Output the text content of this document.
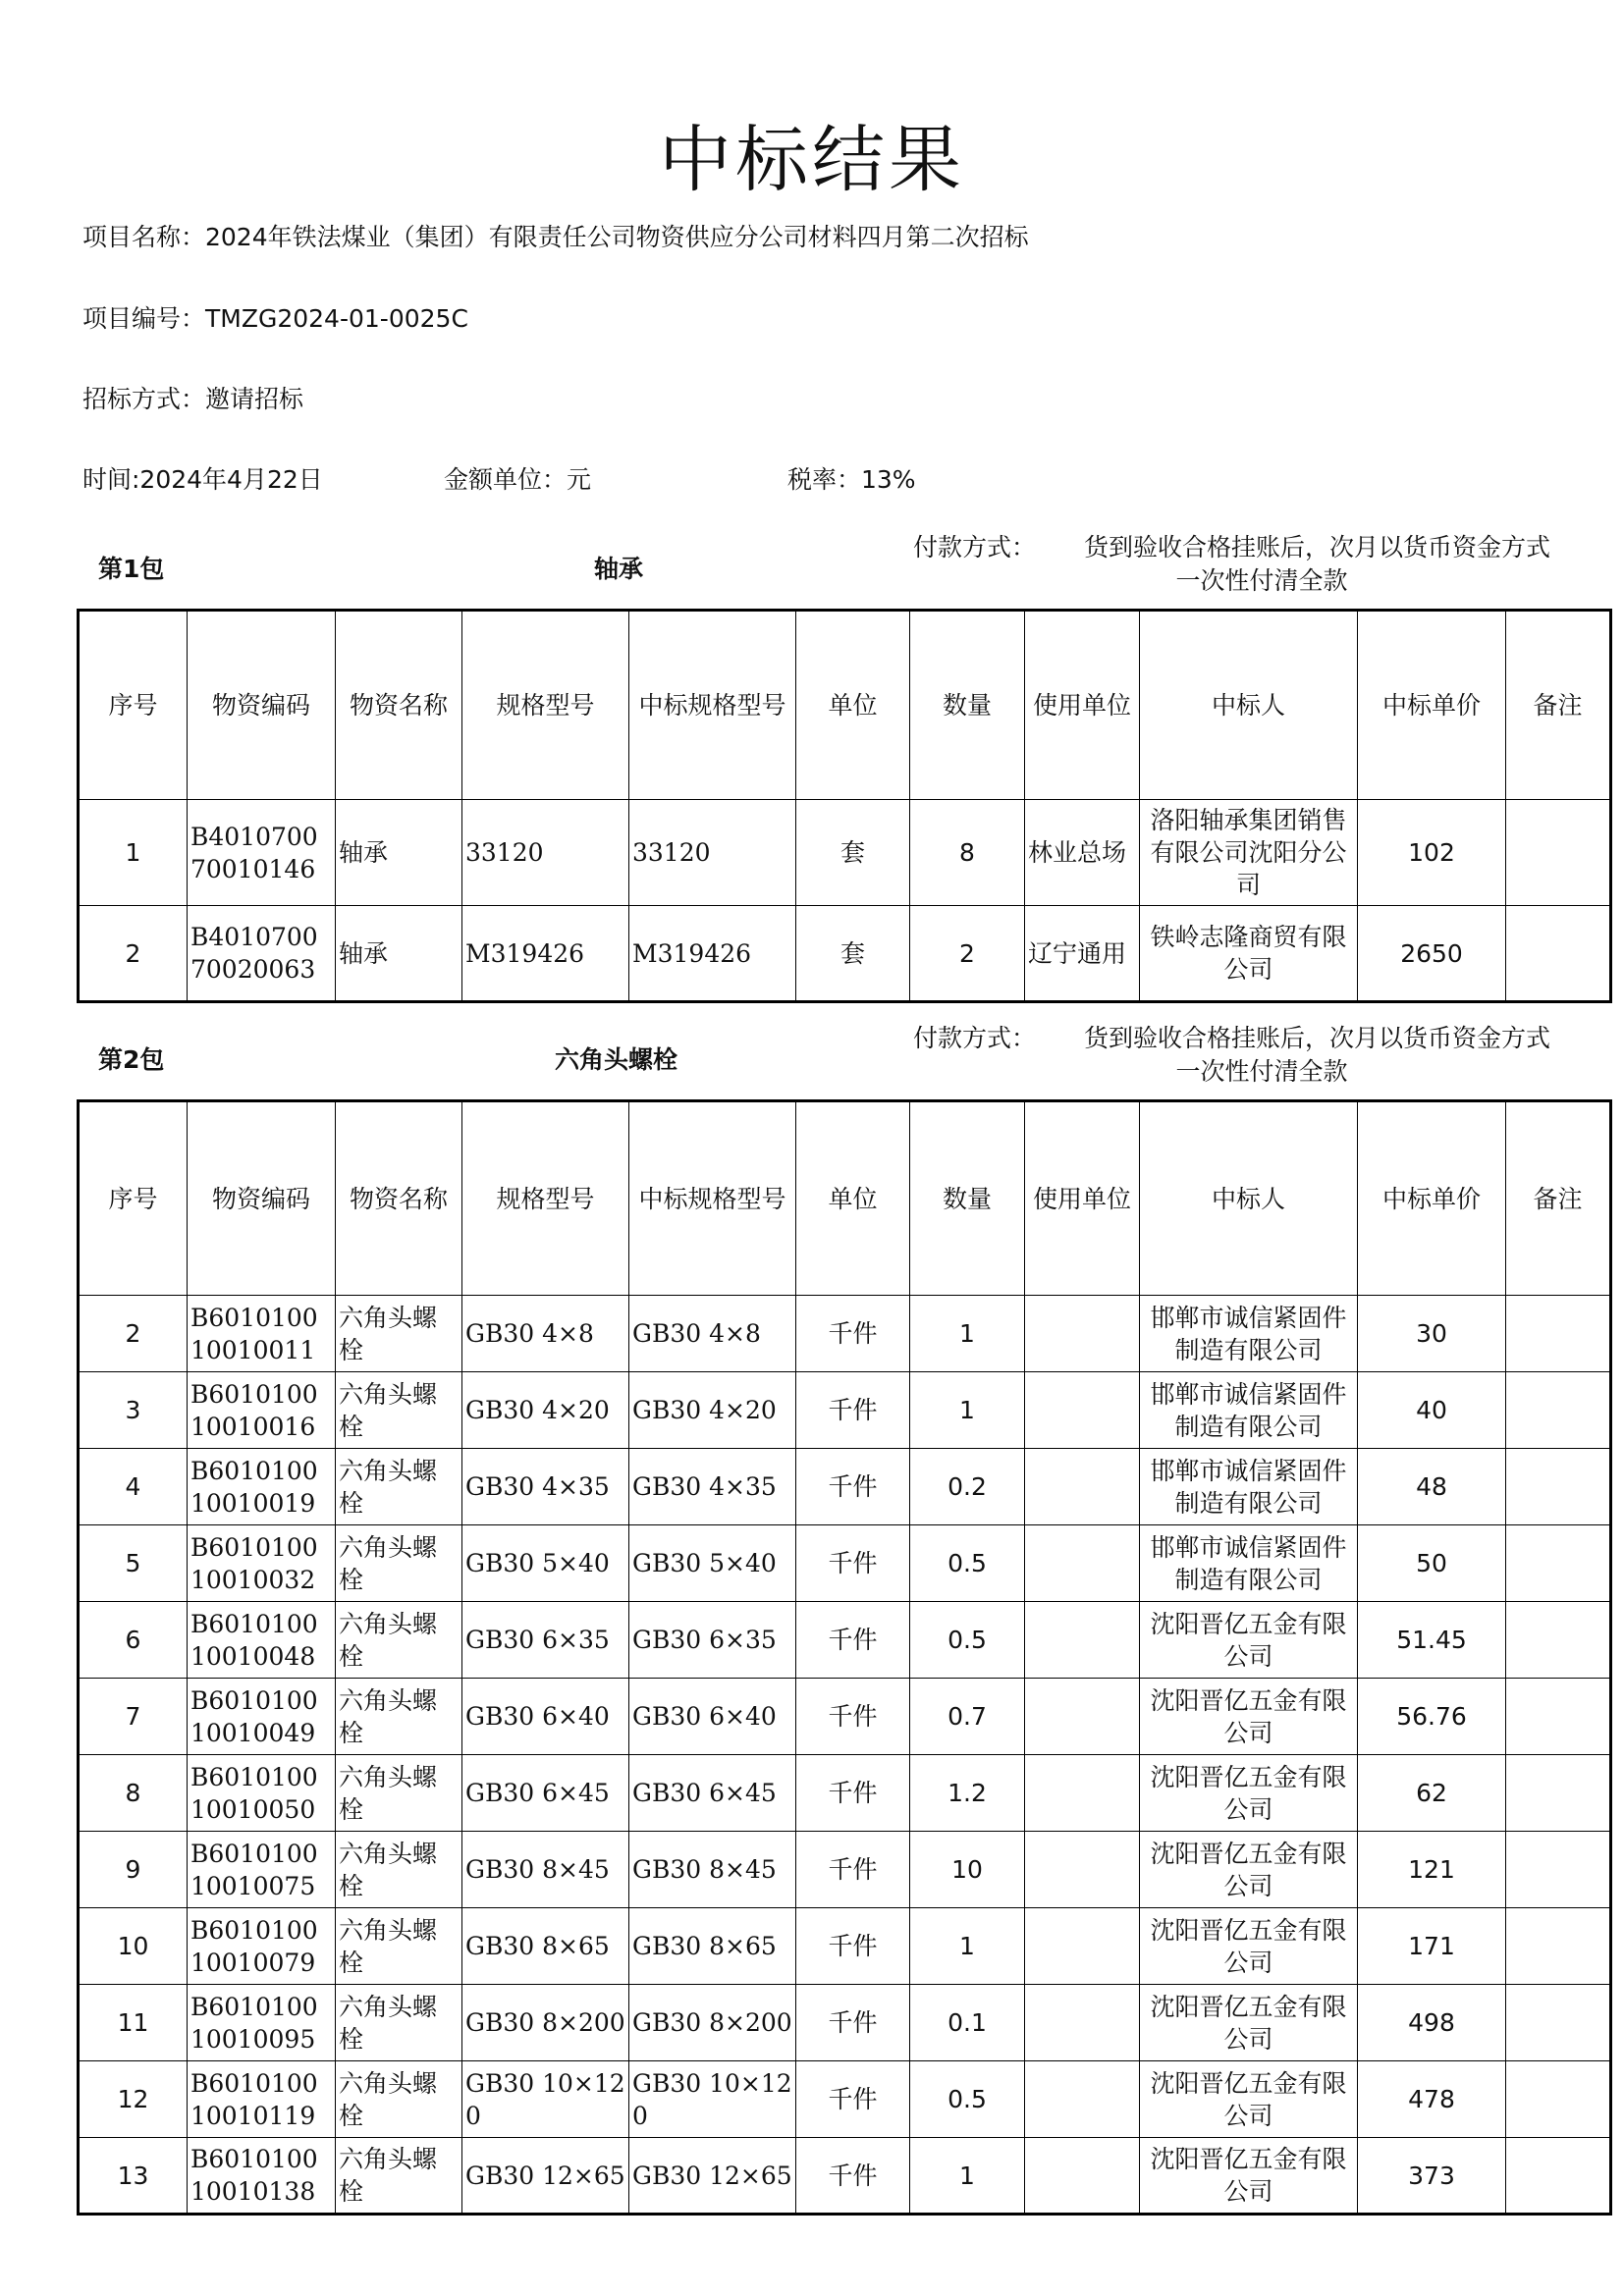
中标结果
项目名称：2024年铁法煤业（集团）有限责任公司物资供应分公司材料四月第二次招标
项目编号：TMZG2024-01-0025C
招标方式：邀请招标
时间:2024年4月22日	金额单位：元	税率：13%
第1包	轴承
付款方式： 货到验收合格挂账后，次月以货币资金方式
一次性付清全款
序号	物资编码	物资名称	规格型号	中标规格型号	单位	数量	使用单位	中标人	中标单价	备注
1	B401070070010146	轴承	33120	33120	套	8	林业总场	洛阳轴承集团销售有限公司沈阳分公司	102	
2	B401070070020063	轴承	M319426	M319426	套	2	辽宁通用	铁岭志隆商贸有限公司	2650	
第2包	六角头螺栓
付款方式： 货到验收合格挂账后，次月以货币资金方式
一次性付清全款
序号	物资编码	物资名称	规格型号	中标规格型号	单位	数量	使用单位	中标人	中标单价	备注
2	B601010010010011	六角头螺栓	GB30 4×8	GB30 4×8	千件	1		邯郸市诚信紧固件制造有限公司	30	
3	B601010010010016	六角头螺栓	GB30 4×20	GB30 4×20	千件	1		邯郸市诚信紧固件制造有限公司	40	
4	B601010010010019	六角头螺栓	GB30 4×35	GB30 4×35	千件	0.2		邯郸市诚信紧固件制造有限公司	48	
5	B601010010010032	六角头螺栓	GB30 5×40	GB30 5×40	千件	0.5		邯郸市诚信紧固件制造有限公司	50	
6	B601010010010048	六角头螺栓	GB30 6×35	GB30 6×35	千件	0.5		沈阳晋亿五金有限公司	51.45	
7	B601010010010049	六角头螺栓	GB30 6×40	GB30 6×40	千件	0.7		沈阳晋亿五金有限公司	56.76	
8	B601010010010050	六角头螺栓	GB30 6×45	GB30 6×45	千件	1.2		沈阳晋亿五金有限公司	62	
9	B601010010010075	六角头螺栓	GB30 8×45	GB30 8×45	千件	10		沈阳晋亿五金有限公司	121	
10	B601010010010079	六角头螺栓	GB30 8×65	GB30 8×65	千件	1		沈阳晋亿五金有限公司	171	
11	B601010010010095	六角头螺栓	GB30 8×200	GB30 8×200	千件	0.1		沈阳晋亿五金有限公司	498	
12	B601010010010119	六角头螺栓	GB30 10×120	GB30 10×120	千件	0.5		沈阳晋亿五金有限公司	478	
13	B601010010010138	六角头螺栓	GB30 12×65	GB30 12×65	千件	1		沈阳晋亿五金有限公司	373	
